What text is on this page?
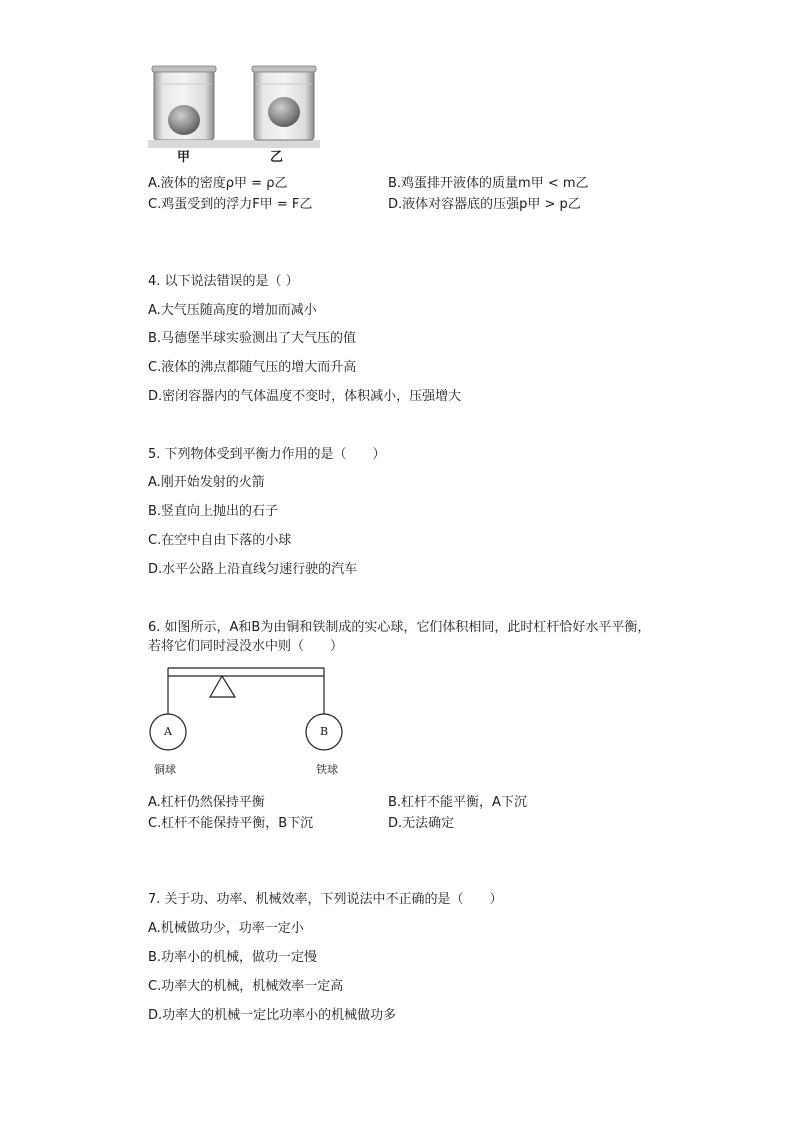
甲	乙
A.液体的密度ρ甲 = ρ乙	B.鸡蛋排开液体的质量m甲 < m乙
C.鸡蛋受到的浮力F甲 = F乙	D.液体对容器底的压强p甲 > p乙
4. 以下说法错误的是（ ）
A.大气压随高度的增加而减小
B.马德堡半球实验测出了大气压的值
C.液体的沸点都随气压的增大而升高
D.密闭容器内的气体温度不变时，体积减小，压强增大
5. 下列物体受到平衡力作用的是（　　）
A.刚开始发射的火箭
B.竖直向上抛出的石子
C.在空中自由下落的小球
D.水平公路上沿直线匀速行驶的汽车
6. 如图所示，A和B为由铜和铁制成的实心球，它们体积相同，此时杠杆恰好水平平衡，
若将它们同时浸没水中则（　　）
A	B
铜球	铁球
A.杠杆仍然保持平衡	B.杠杆不能平衡，A下沉
C.杠杆不能保持平衡，B下沉	D.无法确定
7. 关于功、功率、机械效率，下列说法中不正确的是（　　）
A.机械做功少，功率一定小
B.功率小的机械，做功一定慢
C.功率大的机械，机械效率一定高
D.功率大的机械一定比功率小的机械做功多
